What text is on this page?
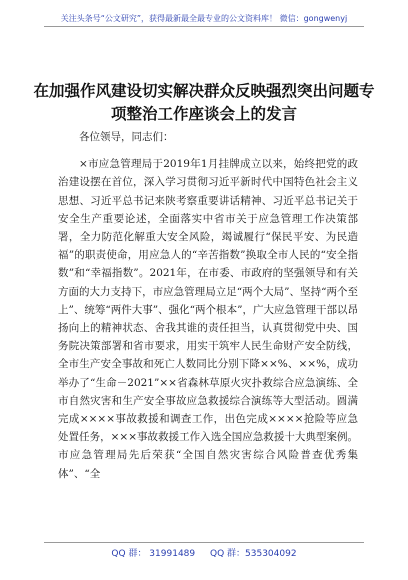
关注头条号“公文研究”，获得最新最全最专业的公文资料库！ 微信：gongwenyj
在加强作风建设切实解决群众反映强烈突出问题专项整治工作座谈会上的发言

各位领导，同志们：

×市应急管理局于2019年1月挂牌成立以来，始终把党的政治建设摆在首位，深入学习贯彻习近平新时代中国特色社会主义思想、习近平总书记来陕考察重要讲话精神、习近平总书记关于安全生产重要论述，全面落实中省市关于应急管理工作决策部署，全力防范化解重大安全风险，竭诚履行“保民平安、为民造福”的职责使命，用应急人的“辛苦指数”换取全市人民的“安全指数”和“幸福指数”。2021年，在市委、市政府的坚强领导和有关方面的大力支持下，市应急管理局立足“两个大局”、坚持“两个至上”、统筹“两件大事”、强化“两个根本”，广大应急管理干部以昂扬向上的精神状态、舍我其谁的责任担当，认真贯彻党中央、国务院决策部署和省市要求，用实干筑牢人民生命财产安全防线，全市生产安全事故和死亡人数同比分别下降××%、××%，成功举办了“生命－2021”××省森林草原火灾扑救综合应急演练、全市自然灾害和生产安全事故应急救援综合演练等大型活动。圆满完成××××事故救援和调查工作，出色完成××××抢险等应急处置任务，×××事故救援工作入选全国应急救援十大典型案例。市应急管理局先后荣获“全国自然灾害综合风险普查优秀集体”、“全

QQ 群： 31991489 QQ 群：535304092
